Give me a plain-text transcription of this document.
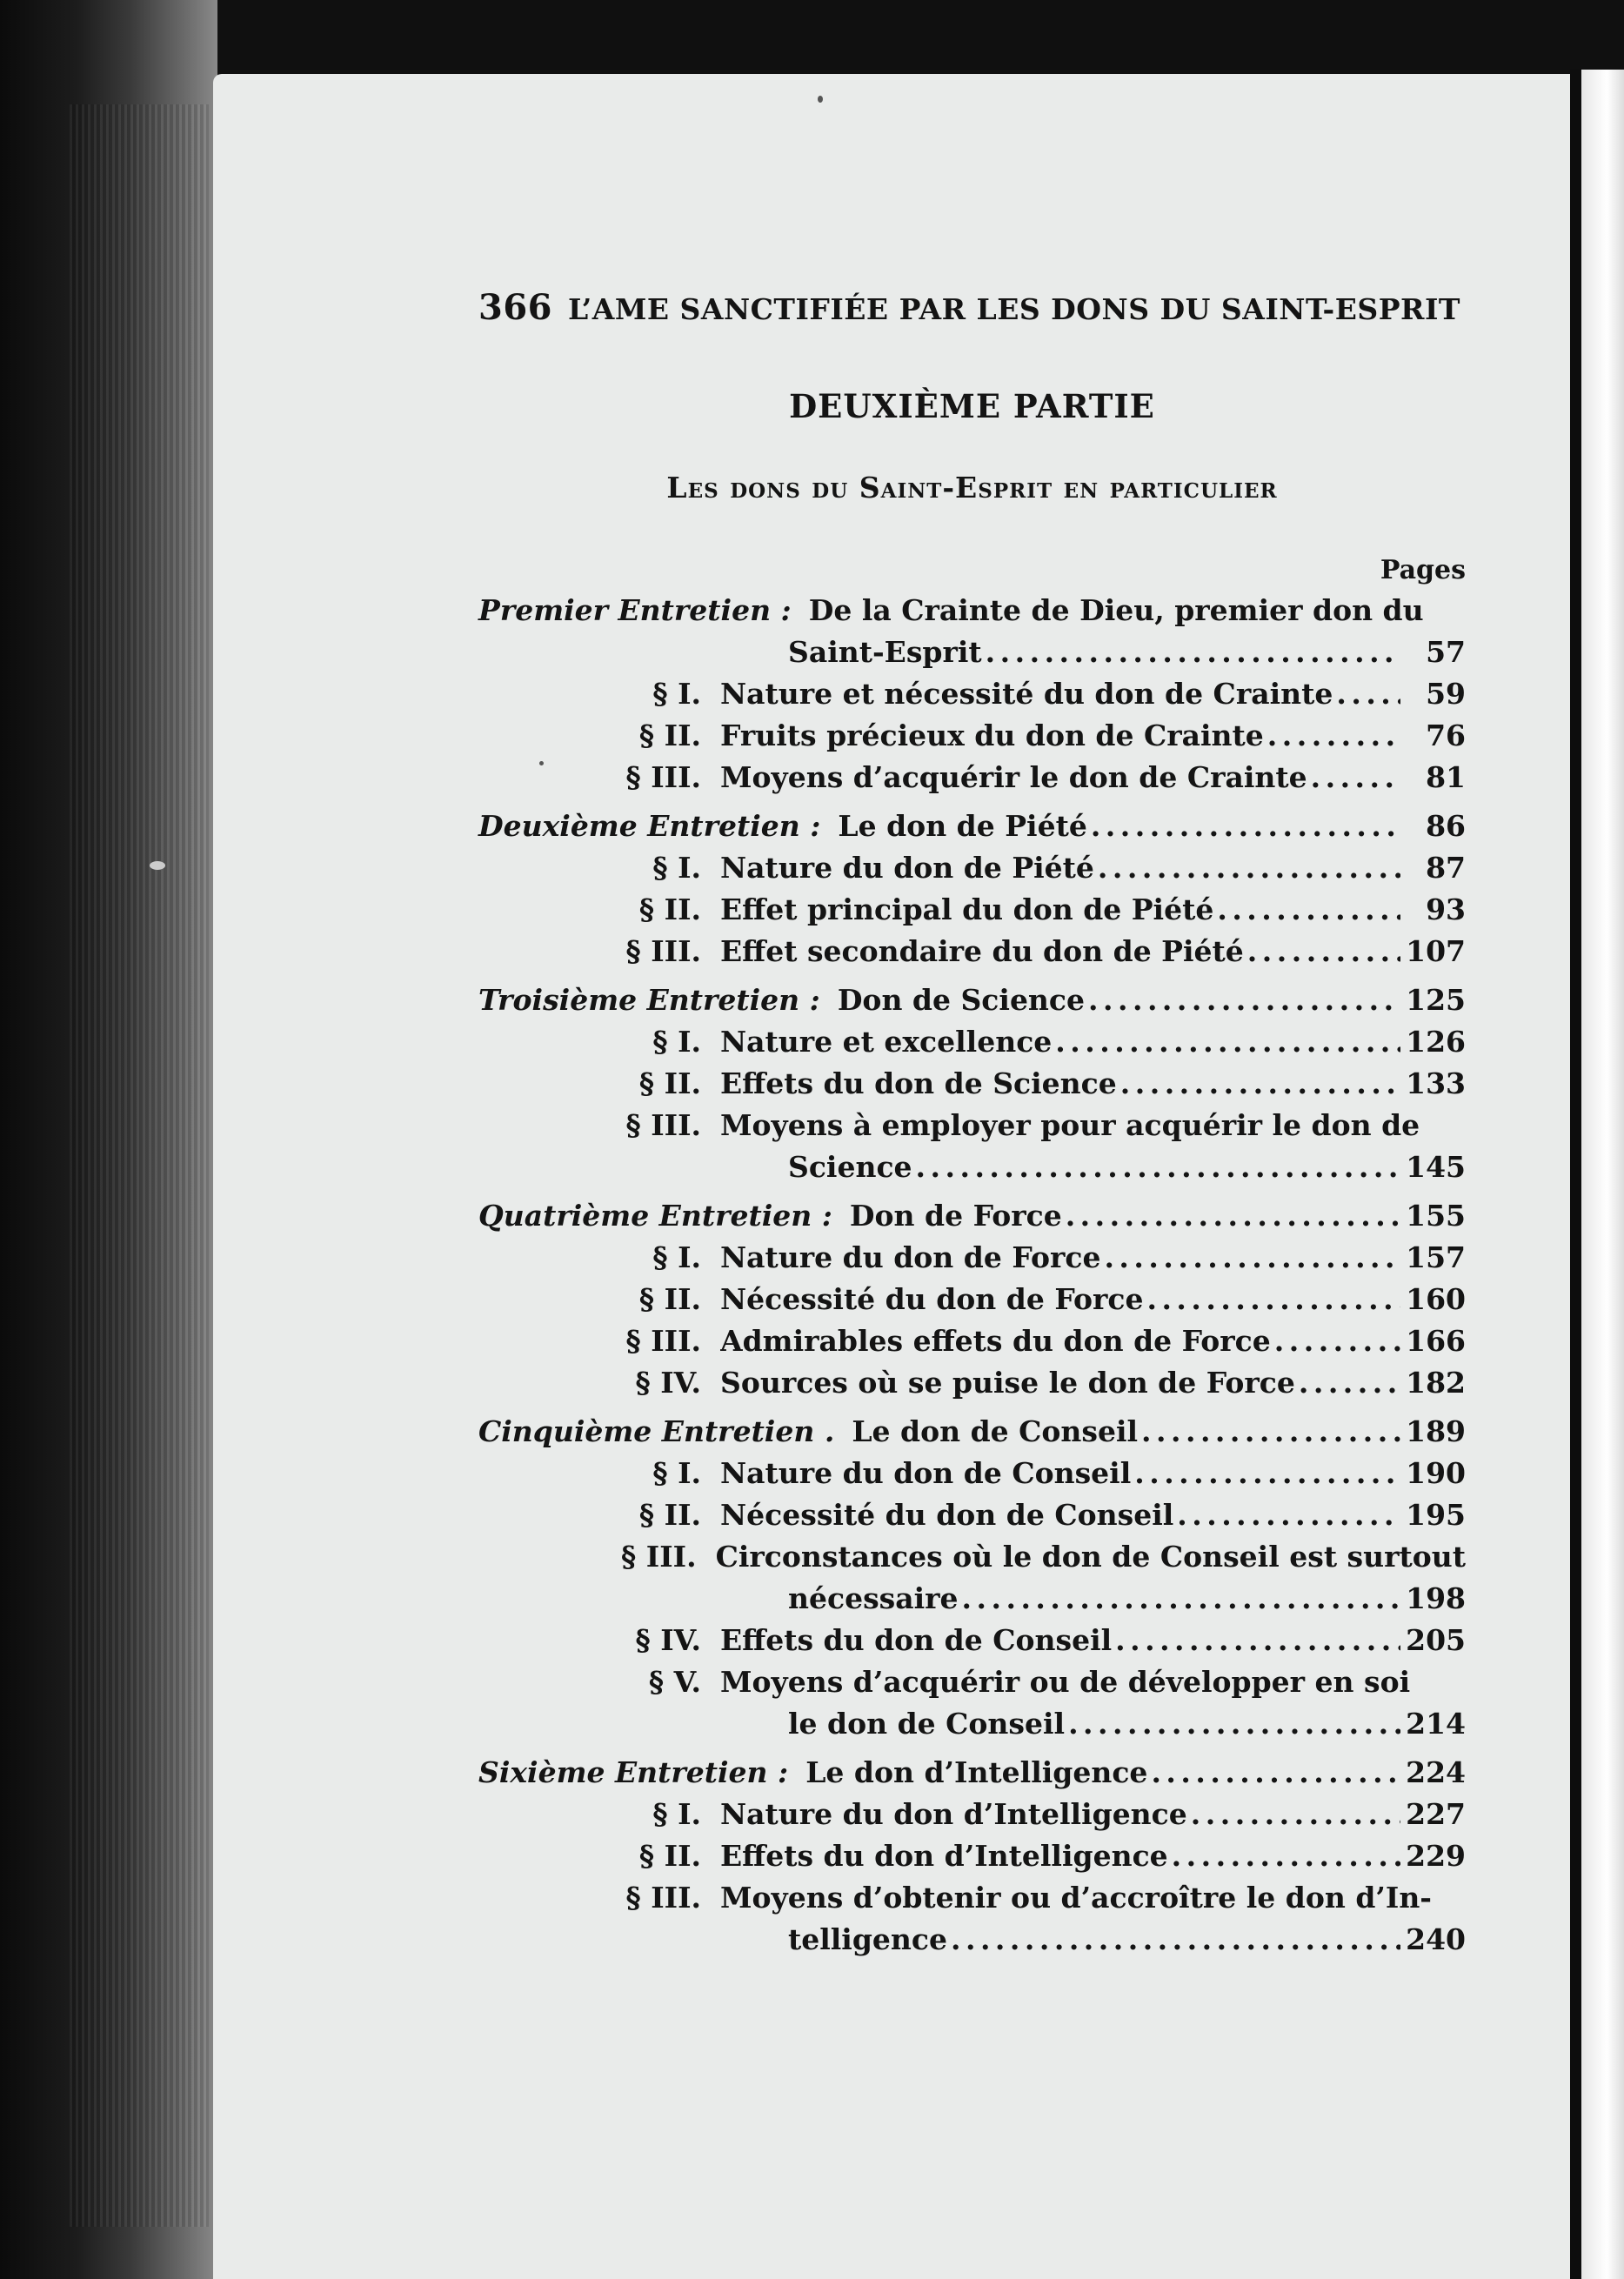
366 L’AME SANCTIFIÉE PAR LES DONS DU SAINT-ESPRIT
DEUXIÈME PARTIE
Les dons du Saint-Esprit en particulier
Pages
Premier Entretien : De la Crainte de Dieu, premier don du
Saint-Esprit . . .	57
§ I. Nature et nécessité du don de Crainte . . .	59
§ II. Fruits précieux du don de Crainte . . .	76
§ III. Moyens d’acquérir le don de Crainte . . .	81
Deuxième Entretien : Le don de Piété . . .	86
§ I. Nature du don de Piété . . .	87
§ II. Effet principal du don de Piété . . .	93
§ III. Effet secondaire du don de Piété . . .	107
Troisième Entretien : Don de Science . . .	125
§ I. Nature et excellence . . .	126
§ II. Effets du don de Science . . .	133
§ III. Moyens à employer pour acquérir le don de
Science . . .	145
Quatrième Entretien : Don de Force . . .	155
§ I. Nature du don de Force . . .	157
§ II. Nécessité du don de Force . . .	160
§ III. Admirables effets du don de Force . . .	166
§ IV. Sources où se puise le don de Force . . .	182
Cinquième Entretien . Le don de Conseil . . .	189
§ I. Nature du don de Conseil . . .	190
§ II. Nécessité du don de Conseil . . .	195
§ III. Circonstances où le don de Conseil est surtout
nécessaire . . .	198
§ IV. Effets du don de Conseil . . .	205
§ V. Moyens d’acquérir ou de développer en soi
le don de Conseil . . .	214
Sixième Entretien : Le don d’Intelligence . . .	224
§ I. Nature du don d’Intelligence . . .	227
§ II. Effets du don d’Intelligence . . .	229
§ III. Moyens d’obtenir ou d’accroître le don d’In-
telligence . . .	240
